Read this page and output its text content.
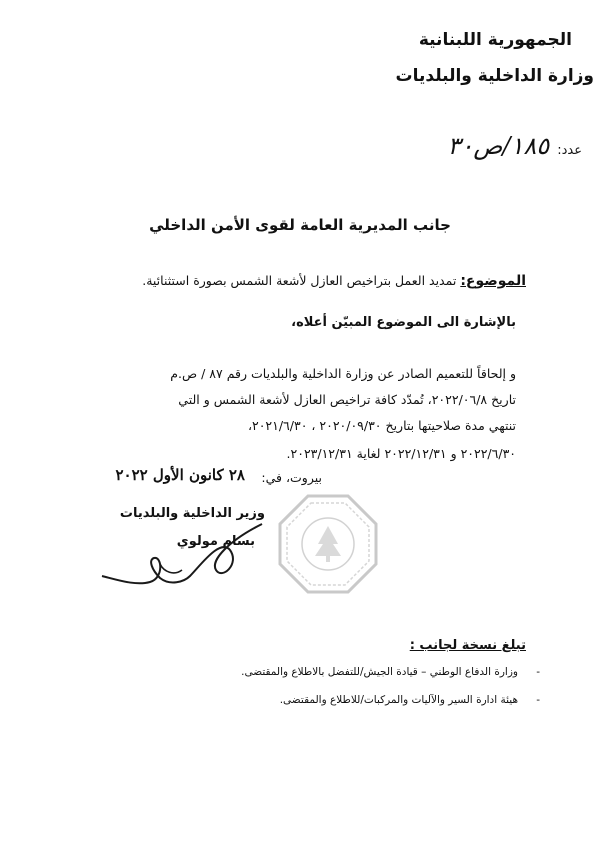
الجمهورية اللبنانية
وزارة الداخلية والبلديات
عدد: ١٨٥/ص٣٠
جانب المديرية العامة لقوى الأمن الداخلي
الموضوع: تمديد العمل بتراخيص العازل لأشعة الشمس بصورة استثنائية.
بالإشارة الى الموضوع المبيّن أعلاه،
و إلحاقاً للتعميم الصادر عن وزارة الداخلية والبلديات رقم ٨٧ / ص.م
تاريخ ٢٠٢٢/٠٦/٨، تُمدّد كافة تراخيص العازل لأشعة الشمس و التي
تنتهي مدة صلاحيتها بتاريخ ٢٠٢٠/٠٩/٣٠ ، ٢٠٢١/٦/٣٠،
٢٠٢٢/٦/٣٠ و ٢٠٢٢/١٢/٣١ لغاية ٢٠٢٣/١٢/٣١.
بيروت، في:
٢٨ كانون الأول ٢٠٢٢
وزير الداخلية والبلديات
بسام مولوي
تبلغ نسخة لجانب :
-
وزارة الدفاع الوطني – قيادة الجيش/للتفضل بالاطلاع والمقتضى.
-
هيئة ادارة السير والآليات والمركبات/للاطلاع والمقتضى.
